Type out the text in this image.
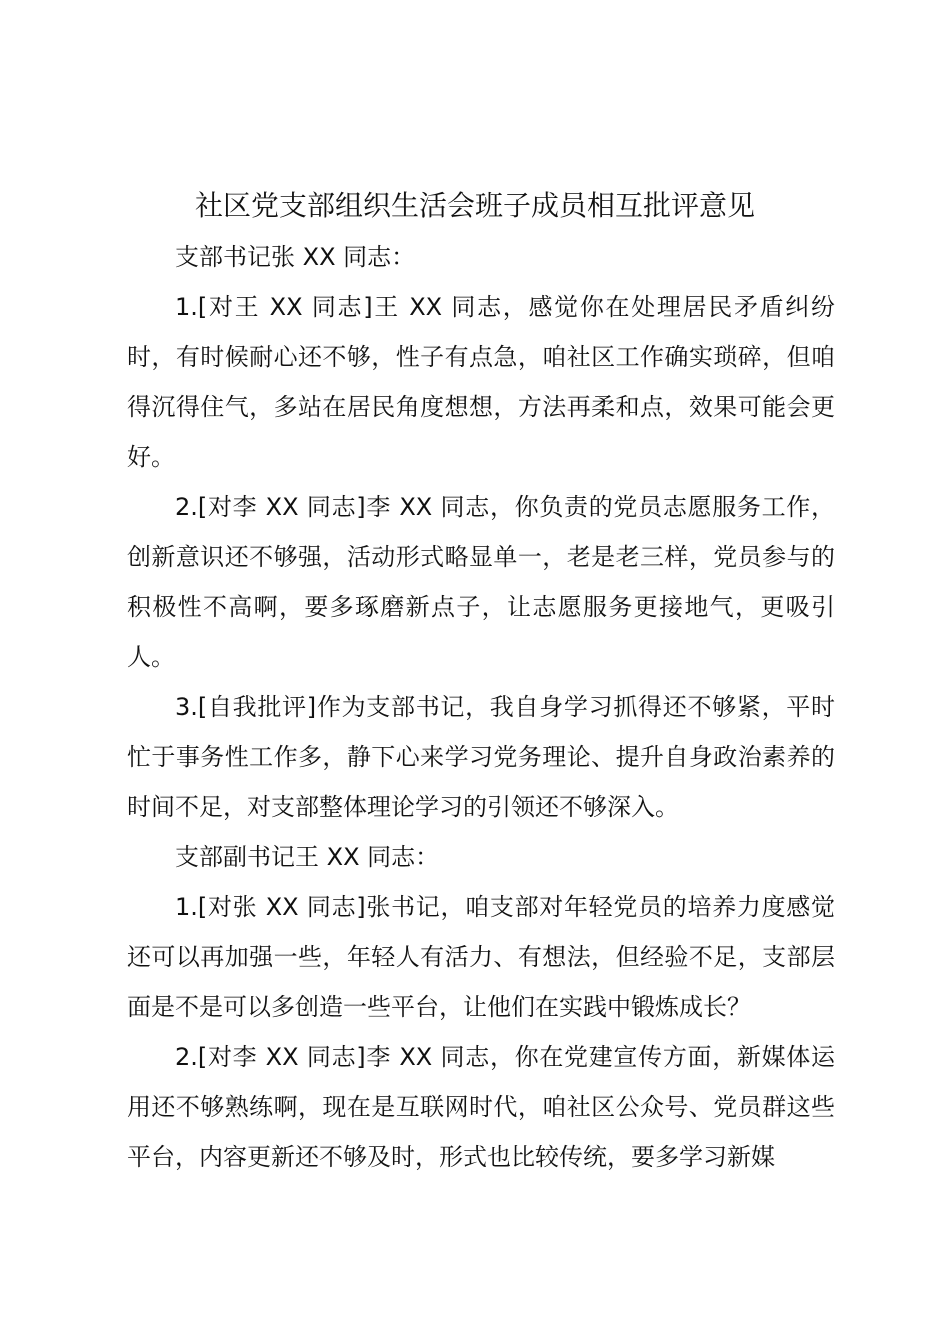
社区党支部组织生活会班子成员相互批评意见

支部书记张 XX 同志：

1.[对王 XX 同志]王 XX 同志，感觉你在处理居民矛盾纠纷时，有时候耐心还不够，性子有点急，咱社区工作确实琐碎，但咱得沉得住气，多站在居民角度想想，方法再柔和点，效果可能会更好。

2.[对李 XX 同志]李 XX 同志，你负责的党员志愿服务工作，创新意识还不够强，活动形式略显单一，老是老三样，党员参与的积极性不高啊，要多琢磨新点子，让志愿服务更接地气，更吸引人。

3.[自我批评]作为支部书记，我自身学习抓得还不够紧，平时忙于事务性工作多，静下心来学习党务理论、提升自身政治素养的时间不足，对支部整体理论学习的引领还不够深入。

支部副书记王 XX 同志：

1.[对张 XX 同志]张书记，咱支部对年轻党员的培养力度感觉还可以再加强一些，年轻人有活力、有想法，但经验不足，支部层面是不是可以多创造一些平台，让他们在实践中锻炼成长？

2.[对李 XX 同志]李 XX 同志，你在党建宣传方面，新媒体运用还不够熟练啊，现在是互联网时代，咱社区公众号、党员群这些平台，内容更新还不够及时，形式也比较传统，要多学习新媒
